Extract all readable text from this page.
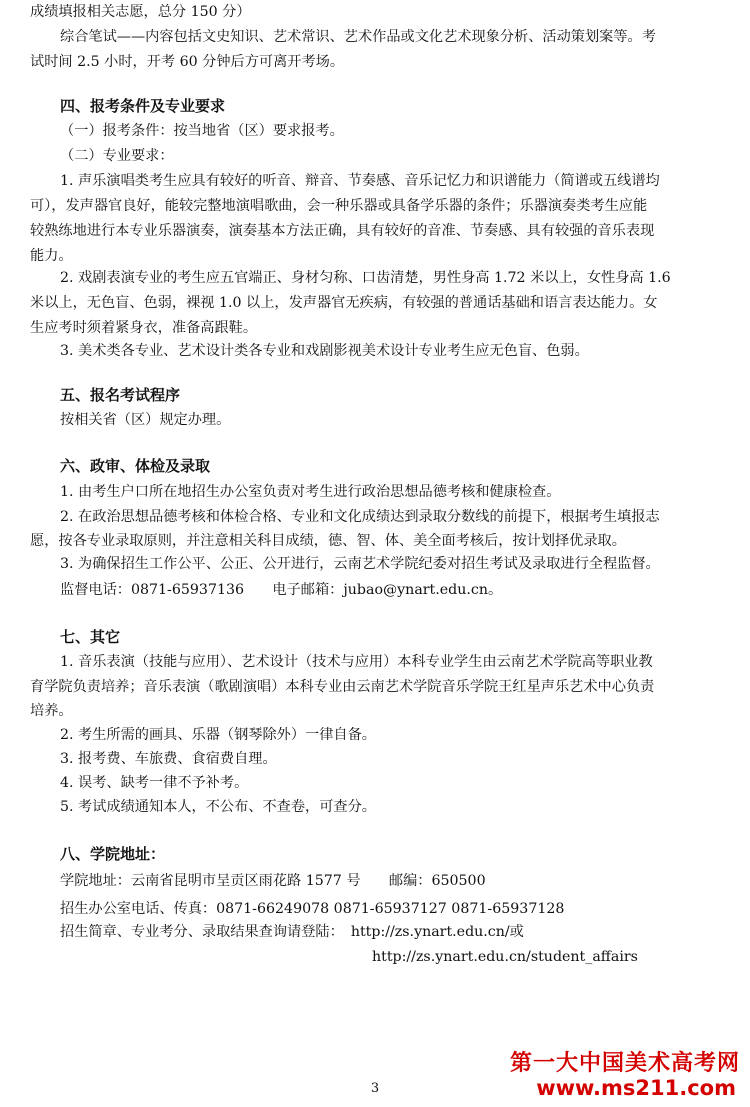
成绩填报相关志愿，总分 150 分）
综合笔试——内容包括文史知识、艺术常识、艺术作品或文化艺术现象分析、活动策划案等。考
试时间 2.5 小时，开考 60 分钟后方可离开考场。
四、报考条件及专业要求
（一）报考条件：按当地省（区）要求报考。
（二）专业要求：
1. 声乐演唱类考生应具有较好的听音、辩音、节奏感、音乐记忆力和识谱能力（简谱或五线谱均
可），发声器官良好，能较完整地演唱歌曲，会一种乐器或具备学乐器的条件；乐器演奏类考生应能
较熟练地进行本专业乐器演奏，演奏基本方法正确，具有较好的音准、节奏感、具有较强的音乐表现
能力。
2. 戏剧表演专业的考生应五官端正、身材匀称、口齿清楚，男性身高 1.72 米以上，女性身高 1.6
米以上，无色盲、色弱，裸视 1.0 以上，发声器官无疾病，有较强的普通话基础和语言表达能力。女
生应考时须着紧身衣，准备高跟鞋。
3. 美术类各专业、艺术设计类各专业和戏剧影视美术设计专业考生应无色盲、色弱。
五、报名考试程序
按相关省（区）规定办理。
六、政审、体检及录取
1. 由考生户口所在地招生办公室负责对考生进行政治思想品德考核和健康检查。
2. 在政治思想品德考核和体检合格、专业和文化成绩达到录取分数线的前提下，根据考生填报志
愿，按各专业录取原则，并注意相关科目成绩，德、智、体、美全面考核后，按计划择优录取。
3. 为确保招生工作公平、公正、公开进行，云南艺术学院纪委对招生考试及录取进行全程监督。
监督电话：0871-65937136　　电子邮箱：jubao@ynart.edu.cn。
七、其它
1. 音乐表演（技能与应用）、艺术设计（技术与应用）本科专业学生由云南艺术学院高等职业教
育学院负责培养；音乐表演（歌剧演唱）本科专业由云南艺术学院音乐学院王红星声乐艺术中心负责
培养。
2. 考生所需的画具、乐器（钢琴除外）一律自备。
3. 报考费、车旅费、食宿费自理。
4. 误考、缺考一律不予补考。
5. 考试成绩通知本人，不公布、不查卷，可查分。
八、学院地址：
学院地址：云南省昆明市呈贡区雨花路 1577 号　　邮编：650500
招生办公室电话、传真：0871-66249078 0871-65937127 0871-65937128
招生简章、专业考分、录取结果查询请登陆：　http://zs.ynart.edu.cn/或
http://zs.ynart.edu.cn/student_affairs
第一大中国美术高考网
www.ms211.com
3
